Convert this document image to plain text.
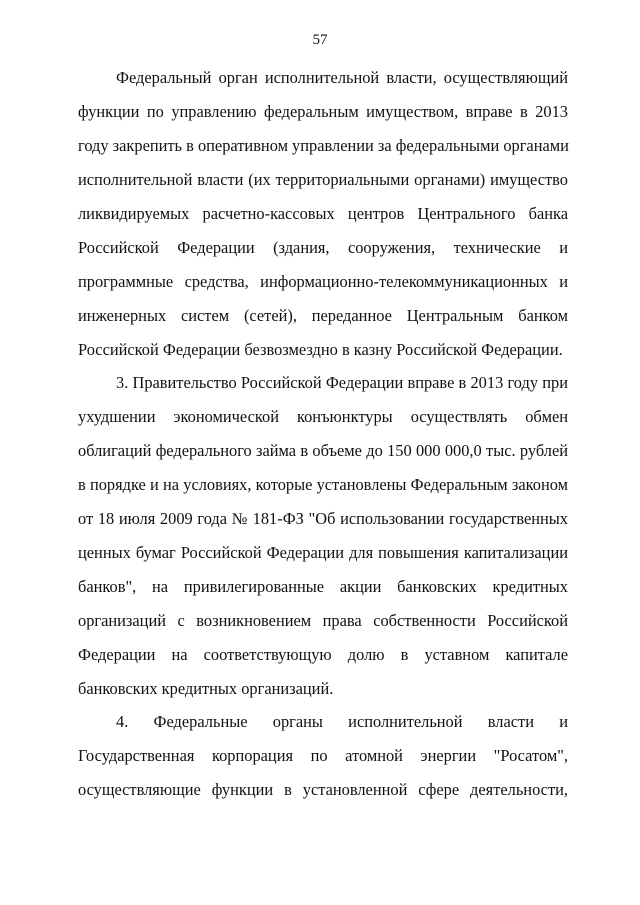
57
Федеральный орган исполнительной власти, осуществляющий
функции по управлению федеральным имуществом, вправе в 2013
году закрепить в оперативном управлении за федеральными органами
исполнительной власти (их территориальными органами) имущество
ликвидируемых расчетно-кассовых центров Центрального банка
Российской Федерации (здания, сооружения, технические и
программные средства, информационно-телекоммуникационных и
инженерных систем (сетей), переданное Центральным банком
Российской Федерации безвозмездно в казну Российской Федерации.
3. Правительство Российской Федерации вправе в 2013 году при
ухудшении экономической конъюнктуры осуществлять обмен
облигаций федерального займа в объеме до 150 000 000,0 тыс. рублей
в порядке и на условиях, которые установлены Федеральным законом
от 18 июля 2009 года № 181-ФЗ "Об использовании государственных
ценных бумаг Российской Федерации для повышения капитализации
банков", на привилегированные акции банковских кредитных
организаций с возникновением права собственности Российской
Федерации на соответствующую долю в уставном капитале
банковских кредитных организаций.
4. Федеральные органы исполнительной власти и
Государственная корпорация по атомной энергии "Росатом",
осуществляющие функции в установленной сфере деятельности,
